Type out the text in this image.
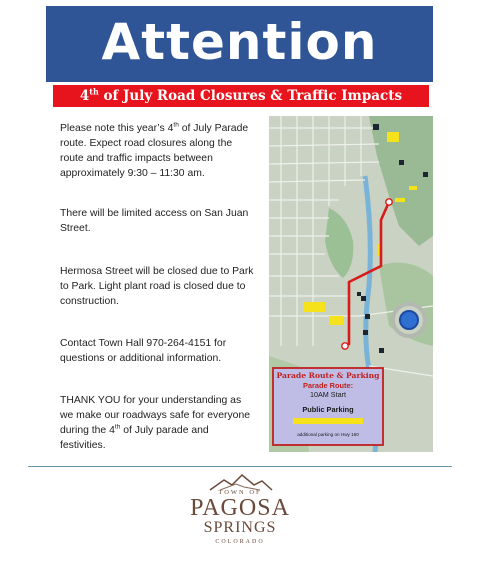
Attention
4th of July Road Closures & Traffic Impacts

Please note this year’s 4th of July Parade route. Expect road closures along the route and traffic impacts between approximately 9:30 – 11:30 am.

There will be limited access on San Juan Street.

Hermosa Street will be closed due to Park to Park. Light plant road is closed due to construction.

Contact Town Hall 970-264-4151 for questions or additional information.

THANK YOU for your understanding as we make our roadways safe for everyone during the 4th of July parade and festivities.

Parade Route & Parking
Parade Route:
10AM Start
Public Parking
additional parking on Hwy 160
TOWN OF
PAGOSA
SPRINGS
COLORADO
